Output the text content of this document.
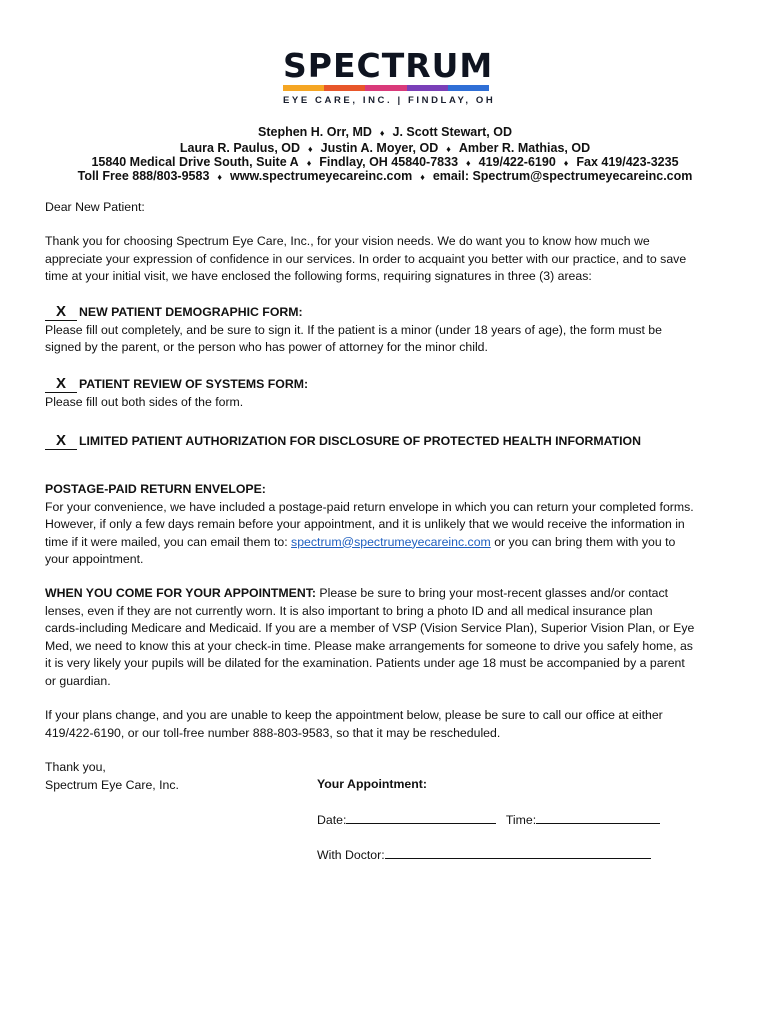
SPECTRUM
EYE CARE, INC. | FINDLAY, OH
Stephen H. Orr, MD ♦ J. Scott Stewart, OD
Laura R. Paulus, OD ♦ Justin A. Moyer, OD ♦ Amber R. Mathias, OD
15840 Medical Drive South, Suite A ♦ Findlay, OH 45840-7833 ♦ 419/422-6190 ♦ Fax 419/423-3235
Toll Free 888/803-9583 ♦ www.spectrumeyecareinc.com ♦ email: Spectrum@spectrumeyecareinc.com
Dear New Patient:
Thank you for choosing Spectrum Eye Care, Inc., for your vision needs. We do want you to know how much we
appreciate your expression of confidence in our services. In order to acquaint you better with our practice, and to save
time at your initial visit, we have enclosed the following forms, requiring signatures in three (3) areas:
X NEW PATIENT DEMOGRAPHIC FORM:
Please fill out completely, and be sure to sign it. If the patient is a minor (under 18 years of age), the form must be
signed by the parent, or the person who has power of attorney for the minor child.
X PATIENT REVIEW OF SYSTEMS FORM:
Please fill out both sides of the form.
X LIMITED PATIENT AUTHORIZATION FOR DISCLOSURE OF PROTECTED HEALTH INFORMATION
POSTAGE-PAID RETURN ENVELOPE:
For your convenience, we have included a postage-paid return envelope in which you can return your completed forms.
However, if only a few days remain before your appointment, and it is unlikely that we would receive the information in
time if it were mailed, you can email them to: spectrum@spectrumeyecareinc.com or you can bring them with you to
your appointment.
WHEN YOU COME FOR YOUR APPOINTMENT: Please be sure to bring your most-recent glasses and/or contact
lenses, even if they are not currently worn. It is also important to bring a photo ID and all medical insurance plan
cards-including Medicare and Medicaid. If you are a member of VSP (Vision Service Plan), Superior Vision Plan, or Eye
Med, we need to know this at your check-in time. Please make arrangements for someone to drive you safely home, as
it is very likely your pupils will be dilated for the examination. Patients under age 18 must be accompanied by a parent
or guardian.
If your plans change, and you are unable to keep the appointment below, please be sure to call our office at either
419/422-6190, or our toll-free number 888-803-9583, so that it may be rescheduled.
Thank you,
Spectrum Eye Care, Inc.	Your Appointment:
Date:	Time:
With Doctor:
